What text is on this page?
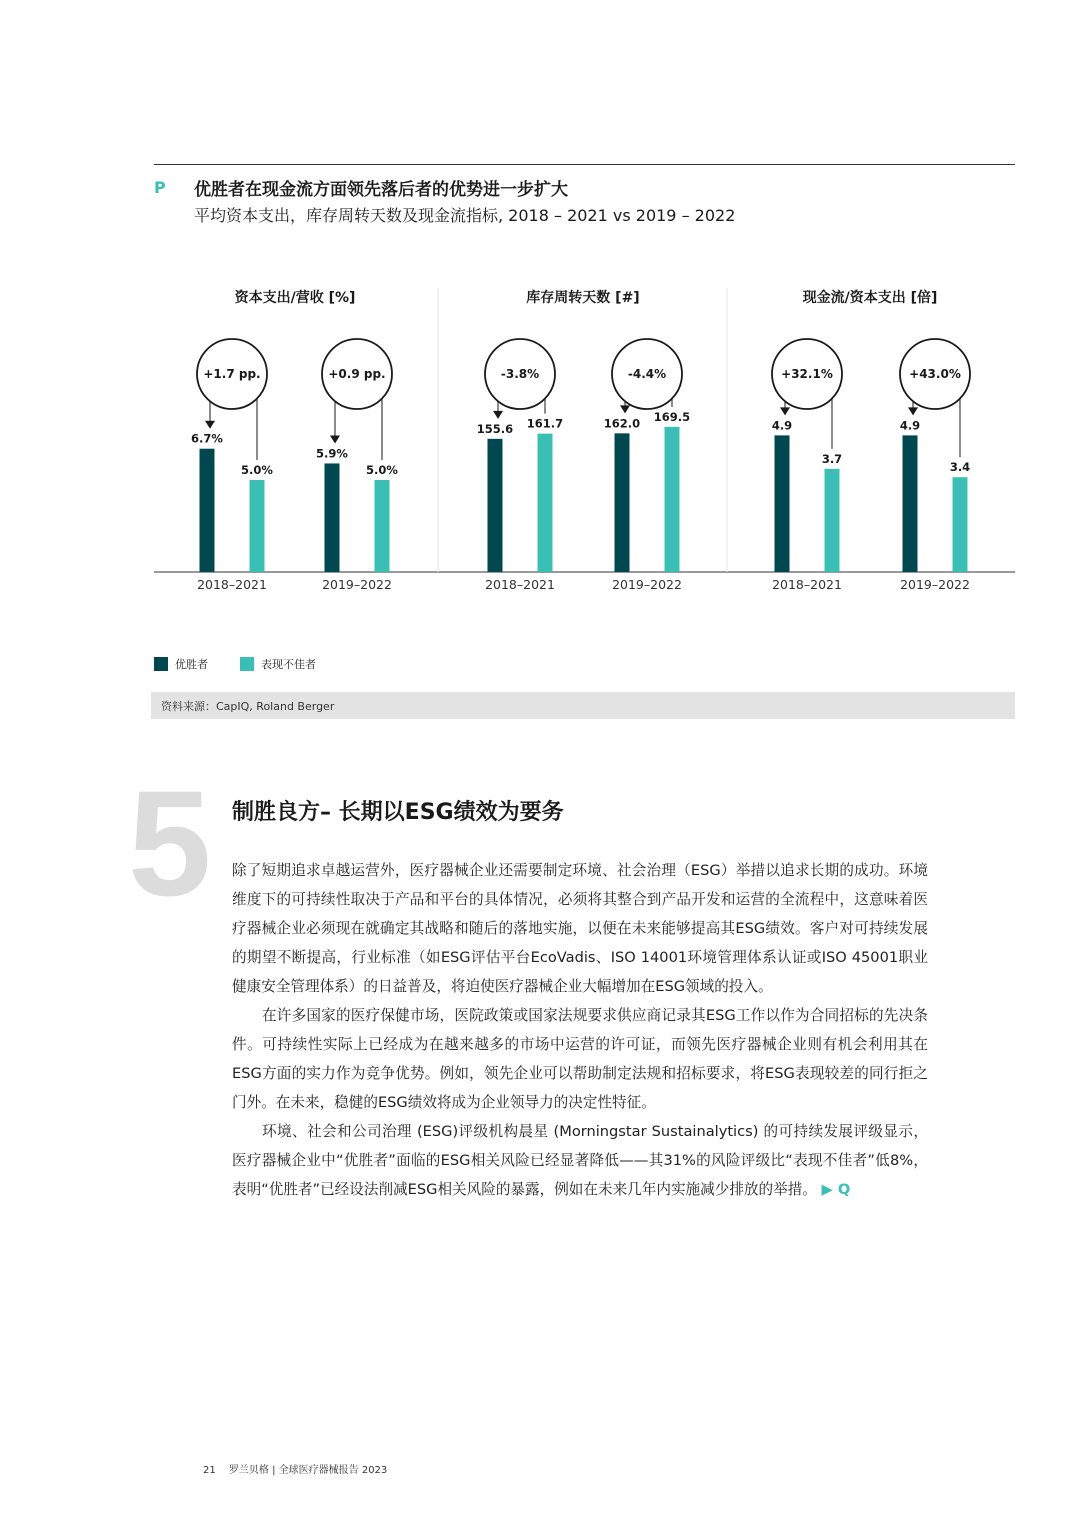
P 优胜者在现金流方面领先落后者的优势进一步扩大
平均资本支出，库存周转天数及现金流指标, 2018 – 2021 vs 2019 – 2022
资本支出/营收 [%]
6.7%
5.0%
+1.7 pp.
2018–2021
5.9%
5.0%
+0.9 pp.
2019–2022
库存周转天数 [#]
155.6 161.7
-3.8%
2018–2021
162.0 169.5
-4.4%
2019–2022
现金流/资本支出 [倍]
4.9
3.7
+32.1%
2018–2021
4.9
3.4
+43.0%
2019–2022
优胜者	表现不佳者
资料来源：CapIQ, Roland Berger
5 制胜良方– 长期以ESG绩效为要务

除了短期追求卓越运营外，医疗器械企业还需要制定环境、社会治理（ESG）举措以追求长期的成功。环境维度下的可持续性取决于产品和平台的具体情况，必须将其整合到产品开发和运营的全流程中，这意味着医疗器械企业必须现在就确定其战略和随后的落地实施，以便在未来能够提高其ESG绩效。客户对可持续发展的期望不断提高，行业标准（如ESG评估平台EcoVadis、ISO 14001环境管理体系认证或ISO 45001职业健康安全管理体系）的日益普及，将迫使医疗器械企业大幅增加在ESG领域的投入。

在许多国家的医疗保健市场，医院政策或国家法规要求供应商记录其ESG工作以作为合同招标的先决条件。可持续性实际上已经成为在越来越多的市场中运营的许可证，而领先医疗器械企业则有机会利用其在ESG方面的实力作为竞争优势。例如，领先企业可以帮助制定法规和招标要求，将ESG表现较差的同行拒之门外。在未来，稳健的ESG绩效将成为企业领导力的决定性特征。

环境、社会和公司治理 (ESG)评级机构晨星 (Morningstar Sustainalytics) 的可持续发展评级显示，医疗器械企业中“优胜者”面临的ESG相关风险已经显著降低——其31%的风险评级比“表现不佳者”低8%，表明“优胜者”已经设法削减ESG相关风险的暴露，例如在未来几年内实施减少排放的举措。 ▶ Q

21 罗兰贝格 | 全球医疗器械报告 2023
